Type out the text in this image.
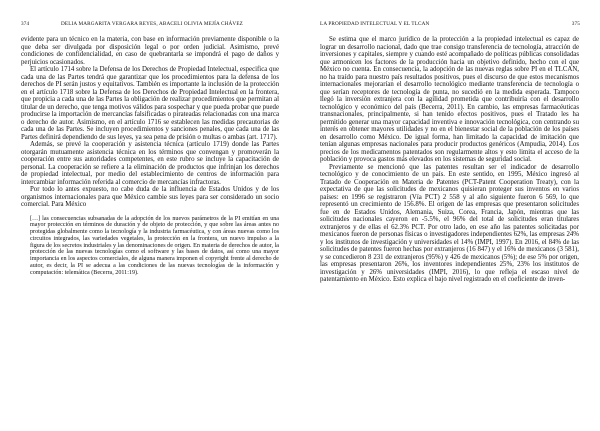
374	DELIA MARGARITA VERGARA REYES, ABACELI OLIVIA MEJÍA CHÁVEZ

evidente para un técnico en la materia, con base en información previamente disponible o la que deba ser divulgada por disposición legal o por orden judicial. Asimismo, prevé condiciones de confidencialidad, en caso de quebrantarla se impondrá el pago de daños y perjuicios ocasionados.

El artículo 1714 sobre la Defensa de los Derechos de Propiedad Intelectual, especifica que cada una de las Partes tendrá que garantizar que los procedimientos para la defensa de los derechos de PI serán justos y equitativos. También es importante la inclusión de la protección en el artículo 1718 sobre la Defensa de los Derechos de Propiedad Intelectual en la frontera, que propicia a cada una de las Partes la obligación de realizar procedimientos que permitan al titular de un derecho, que tenga motivos válidos para sospechar y que pueda probar que puede producirse la importación de mercancías falsificadas o pirateadas relacionadas con una marca o derecho de autor. Asimismo, en el artículo 1716 se establecen las medidas precautorias de cada una de las Partes. Se incluyen procedimientos y sanciones penales, que cada una de las Partes definirá dependiendo de sus leyes, ya sea pena de prisión o multas o ambas (art. 1717).

Además, se prevé la cooperación y asistencia técnica (artículo 1719) donde las Partes otorgarán mutuamente asistencia técnica en los términos que convengan y promoverán la cooperación entre sus autoridades competentes, en este rubro se incluye la capacitación de personal. La cooperación se refiere a la eliminación de productos que infrinjan los derechos de propiedad intelectual, por medio del establecimiento de centros de información para intercambiar información referida al comercio de mercancías infractoras.

Por todo lo antes expuesto, no cabe duda de la influencia de Estados Unidos y de los organismos internacionales para que México cambie sus leyes para ser considerado un socio comercial. Para México

[…] las consecuencias subsanadas de la adopción de los nuevos parámetros de la PI emitían en una mayor protección en términos de duración y de objeto de protección, y que sobre las áreas antes no protegidas globalmente como la tecnología y la industria farmacéutica, y con áreas nuevas como los circuitos integrados, las variedades vegetales, la protección en la frontera, un nuevo impulso a la figura de los secretos industriales y las denominaciones de origen. En materia de derechos de autor, la protección de las nuevas tecnologías como el software y las bases de datos, así como una mayor importancia en los aspectos comerciales, de alguna manera imponen el copyright frente al derecho de autor, es decir, la PI se adecua a las condiciones de las nuevas tecnologías de la información y computación: telemática (Becerra, 2011:19).
LA PROPIEDAD INTELECTUAL Y EL TLCAN	375

Se estima que el marco jurídico de la protección a la propiedad intelectual es capaz de lograr un desarrollo nacional, dado que trae consigo transferencia de tecnología, atracción de inversiones y capitales, siempre y cuando esté acompañado de políticas públicas consolidadas que armonicen los factores de la producción hacia un objetivo definido, hecho con el que México no cuenta. En consecuencia, la adopción de las nuevas reglas sobre PI en el TLCAN, no ha traído para nuestro país resultados positivos, pues el discurso de que estos mecanismos internacionales mejorarían el desarrollo tecnológico mediante transferencia de tecnología o que serían receptores de tecnología de punta, no sucedió en la medida esperada. Tampoco llegó la inversión extranjera con la agilidad prometida que contribuiría con el desarrollo tecnológico y económico del país (Becerra, 2011). En cambio, las empresas farmacéuticas transnacionales, principalmente, si han tenido efectos positivos, pues el Tratado les ha permitido generar una mayor capacidad inventiva e innovación tecnológica, con centrando su interés en obtener mayores utilidades y no en el bienestar social de la población de los países en desarrollo como México. De igual forma, han limitado la capacidad de imitación que tenían algunas empresas nacionales para producir productos genéricos (Ampudia, 2014). Los precios de los medicamentos patentados son regularmente altos y esto limita el acceso de la población y provoca gastos más elevados en los sistemas de seguridad social.

Previamente se mencionó que las patentes resultan ser el indicador de desarrollo tecnológico y de conocimiento de un país. En este sentido, en 1995, México ingresó al Tratado de Cooperación en Materia de Patentes (PCT-Patent Cooperation Treaty), con la expectativa de que las solicitudes de mexicanos quisieran proteger sus inventos en varios países: en 1996 se registraron (Vía PCT) 2 558 y al año siguiente fueron 6 569, lo que representó un crecimiento de 156.8%. El origen de las empresas que presentaron solicitudes fue en de Estados Unidos, Alemania, Suiza, Corea, Francia, Japón, mientras que las solicitudes nacionales cayeron en -5.5%, el 96% del total de solicitudes eran titulares extranjeros y de ellas el 62.3% PCT. Por otro lado, en ese año las patentes solicitadas por mexicanos fueron de personas físicas o investigadores independientes 62%, las empresas 24% y los institutos de investigación y universidades el 14% (IMPI, 1997). En 2016, el 84% de las solicitudes de patentes fueron hechas por extranjeros (16 847) y el 16% de mexicanos (3 581), y se concedieron 8 231 de extranjeros (95%) y 426 de mexicanos (5%); de ese 5% por origen, las empresas presentaron 26%, los inventores independientes 25%, 23% los institutos de investigación y 26% universidades (IMPI, 2016), lo que refleja el escaso nivel de patentamiento en México. Esto explica el bajo nivel registrado en el coeficiente de inven-
